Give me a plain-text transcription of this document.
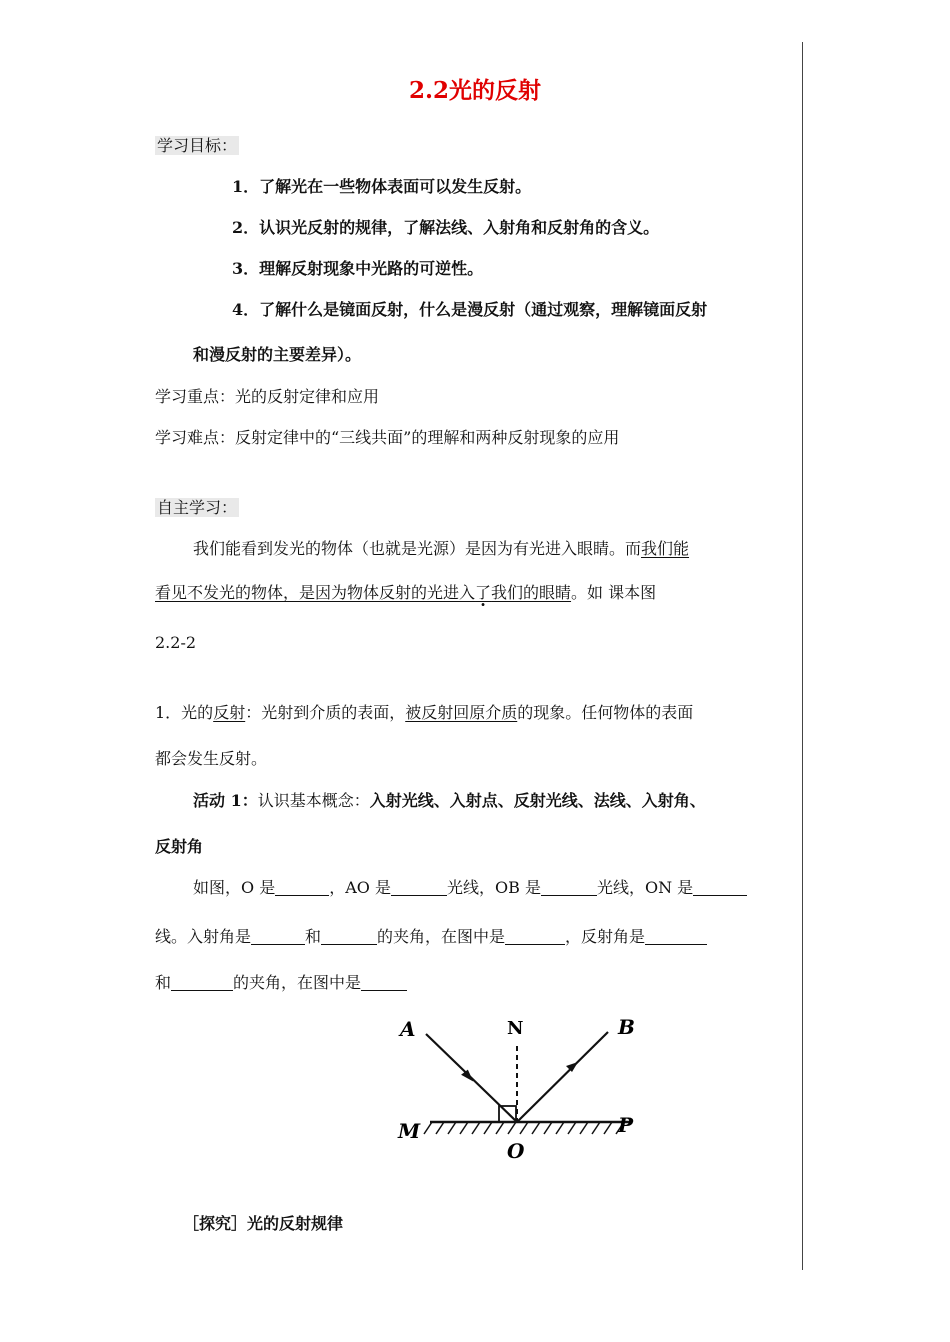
2.2光的反射
学习目标：
1．了解光在一些物体表面可以发生反射。
2．认识光反射的规律，了解法线、入射角和反射角的含义。
3．理解反射现象中光路的可逆性。
4．了解什么是镜面反射，什么是漫反射（通过观察，理解镜面反射
和漫反射的主要差异）。
学习重点：光的反射定律和应用
学习难点：反射定律中的“三线共面”的理解和两种反射现象的应用
自主学习：
我们能看到发光的物体（也就是光源）是因为有光进入眼睛。而我们能
看见不发光的物体，是因为物体反射的光进入了我们的眼睛。如 课本图
2.2-2
1．光的反射：光射到介质的表面，被反射回原介质的现象。任何物体的表面
都会发生反射。
活动 1：认识基本概念：入射光线、入射点、反射光线、法线、入射角、
反射角
如图，O 是	，AO 是	光线，OB 是	光线，ON 是
线。入射角是	和	的夹角，在图中是	，反射角是
和	的夹角，在图中是
A	N	B
M
O
P
［探究］光的反射规律
